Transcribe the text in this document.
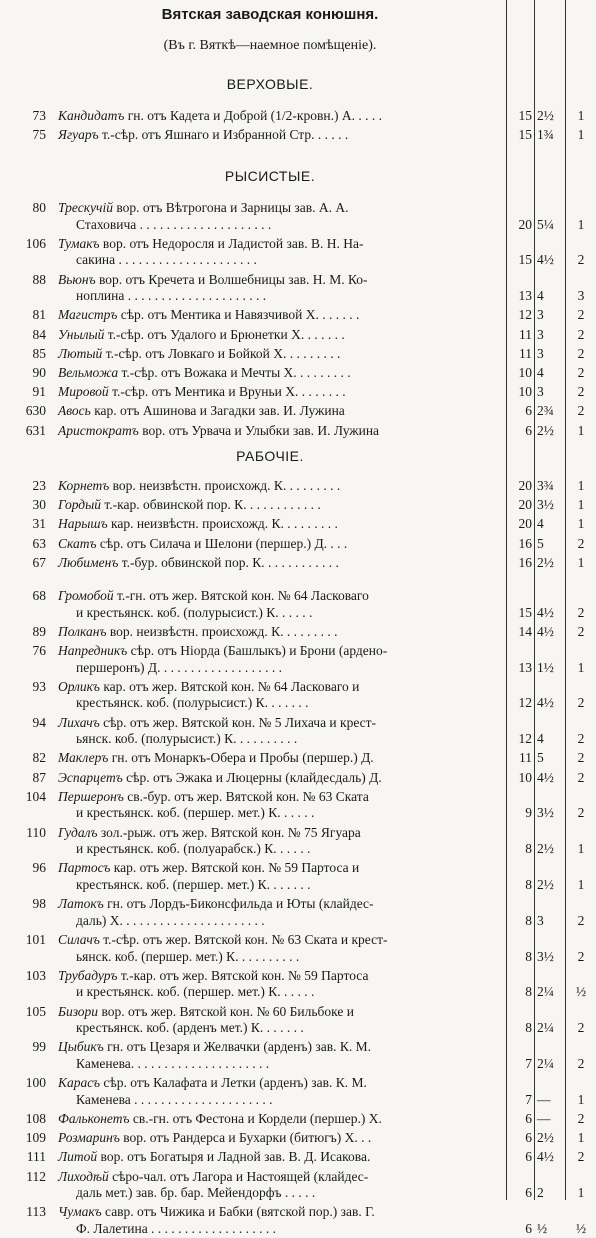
Вятская заводская конюшня.
(Въ г. Вяткѣ—наемное помѣщеніе).
ВЕРХОВЫЕ.
73 Кандидатъ гн. отъ Кадета и Доброй (1/2-кровн.) А. . . . .	15 2½	1
75 Ягуаръ т.-сѣр. отъ Яшнаго и Избранной Стр. . . . . .	15 1¾	1
РЫСИСТЫЕ.
80 Трескучій вор. отъ Вѣтрогона и Зарницы зав. А. А.
Стаховича . . . . . . . . . . . . . . . . . . . .	20 5¼	1
106 Тумакъ вор. отъ Недоросля и Ладистой зав. В. Н. На-
сакина . . . . . . . . . . . . . . . . . . . . .	15 4½	2
88 Вьюнъ вор. отъ Кречета и Волшебницы зав. Н. М. Ко-
ноплина . . . . . . . . . . . . . . . . . . . . .	13 4	3
81 Магистръ сѣр. отъ Ментика и Навязчивой Х. . . . . . .	12 3	2
84 Унылый т.-сѣр. отъ Удалого и Брюнетки Х. . . . . . .	11 3	2
85 Лютый т.-сѣр. отъ Ловкаго и Бойкой Х. . . . . . . . .	11 3	2
90 Вельможа т.-сѣр. отъ Вожака и Мечты Х. . . . . . . . .	10 4	2
91 Мировой т.-сѣр. отъ Ментика и Вруньи Х. . . . . . . .	10 3	2
630 Авось кар. отъ Ашинова и Загадки зав. И. Лужина	6 2¾	2
631 Аристократъ вор. отъ Урвача и Улыбки зав. И. Лужина	6 2½	1
РАБОЧІЕ.
23 Корнетъ вор. неизвѣстн. происхожд. К. . . . . . . . .	20 3¾	1
30 Гордый т.-кар. обвинской пор. К. . . . . . . . . . . .	20 3½	1
31 Нарышъ кар. неизвѣстн. происхожд. К. . . . . . . . .	20 4	1
63 Скатъ сѣр. отъ Силача и Шелони (першер.) Д. . . .	16 5	2
67 Любименъ т.-бур. обвинской пор. К. . . . . . . . . . . .	16 2½	1
68 Громобой т.-гн. отъ жер. Вятской кон. № 64 Ласковаго
и крестьянск. коб. (полурысист.) К. . . . . .	15 4½	2
89 Полканъ вор. неизвѣстн. происхожд. К. . . . . . . . .	14 4½	2
76 Напредникъ сѣр. отъ Ніорда (Башлыкъ) и Брони (арденo-
першеронъ) Д. . . . . . . . . . . . . . . . . . .	13 1½	1
93 Орликъ кар. отъ жер. Вятской кон. № 64 Ласковаго и
крестьянск. коб. (полурысист.) К. . . . . . .	12 4½	2
94 Лихачъ сѣр. отъ жер. Вятской кон. № 5 Лихача и крест-
ьянск. коб. (полурысист.) К. . . . . . . . . .	12 4	2
82 Маклеръ гн. отъ Монаркъ-Обера и Пробы (першер.) Д.	11 5	2
87 Эспарцетъ сѣр. отъ Эжака и Люцерны (клайдесдаль) Д.	10 4½	2
104 Першеронъ св.-бур. отъ жер. Вятской кон. № 63 Ската
и крестьянск. коб. (першер. мет.) К. . . . . .	9 3½	2
110 Гудалъ зол.-рыж. отъ жер. Вятской кон. № 75 Ягуара
и крестьянск. коб. (полуарабск.) К. . . . . .	8 2½	1
96 Партосъ кар. отъ жер. Вятской кон. № 59 Партоса и
крестьянск. коб. (першер. мет.) К. . . . . . .	8 2½	1
98 Латокъ гн. отъ Лордъ-Биконсфильда и Юты (клайдес-
даль) Х. . . . . . . . . . . . . . . . . . . . . .	8 3	2
101 Силачъ т.-сѣр. отъ жер. Вятской кон. № 63 Ската и крест-
ьянск. коб. (першер. мет.) К. . . . . . . . . .	8 3½	2
103 Трубадуръ т.-кар. отъ жер. Вятской кон. № 59 Партоса
и крестьянск. коб. (першер. мет.) К. . . . . .	8 2¼	½
105 Бизори вор. отъ жер. Вятской кон. № 60 Бильбоке и
крестьянск. коб. (арденъ мет.) К. . . . . . .	8 2¼	2
99 Цыбикъ гн. отъ Цезаря и Желвачки (арденъ) зав. К. М.
Каменева. . . . . . . . . . . . . . . . . . . . .	7 2¼	2
100 Карасъ сѣр. отъ Калафата и Летки (арденъ) зав. К. М.
Каменева . . . . . . . . . . . . . . . . . . . . .	7 —	1
108 Фальконетъ св.-гн. отъ Фестона и Кордели (першер.) Х.	6 —	2
109 Розмаринъ вор. отъ Рандерса и Бухарки (битюгъ) Х. . .	6 2½	1
111 Литой вор. отъ Богатыря и Ладной зав. В. Д. Исакова.	6 4½	2
112 Лиходѣй сѣро-чал. отъ Лагора и Настоящей (клайдес-
даль мет.) зав. бр. бар. Мейендорфъ . . . . .	6 2	1
113 Чумакъ савр. отъ Чижика и Бабки (вятской пор.) зав. Г.
Ф. Лалетина . . . . . . . . . . . . . . . . . . .	6 ½	½
